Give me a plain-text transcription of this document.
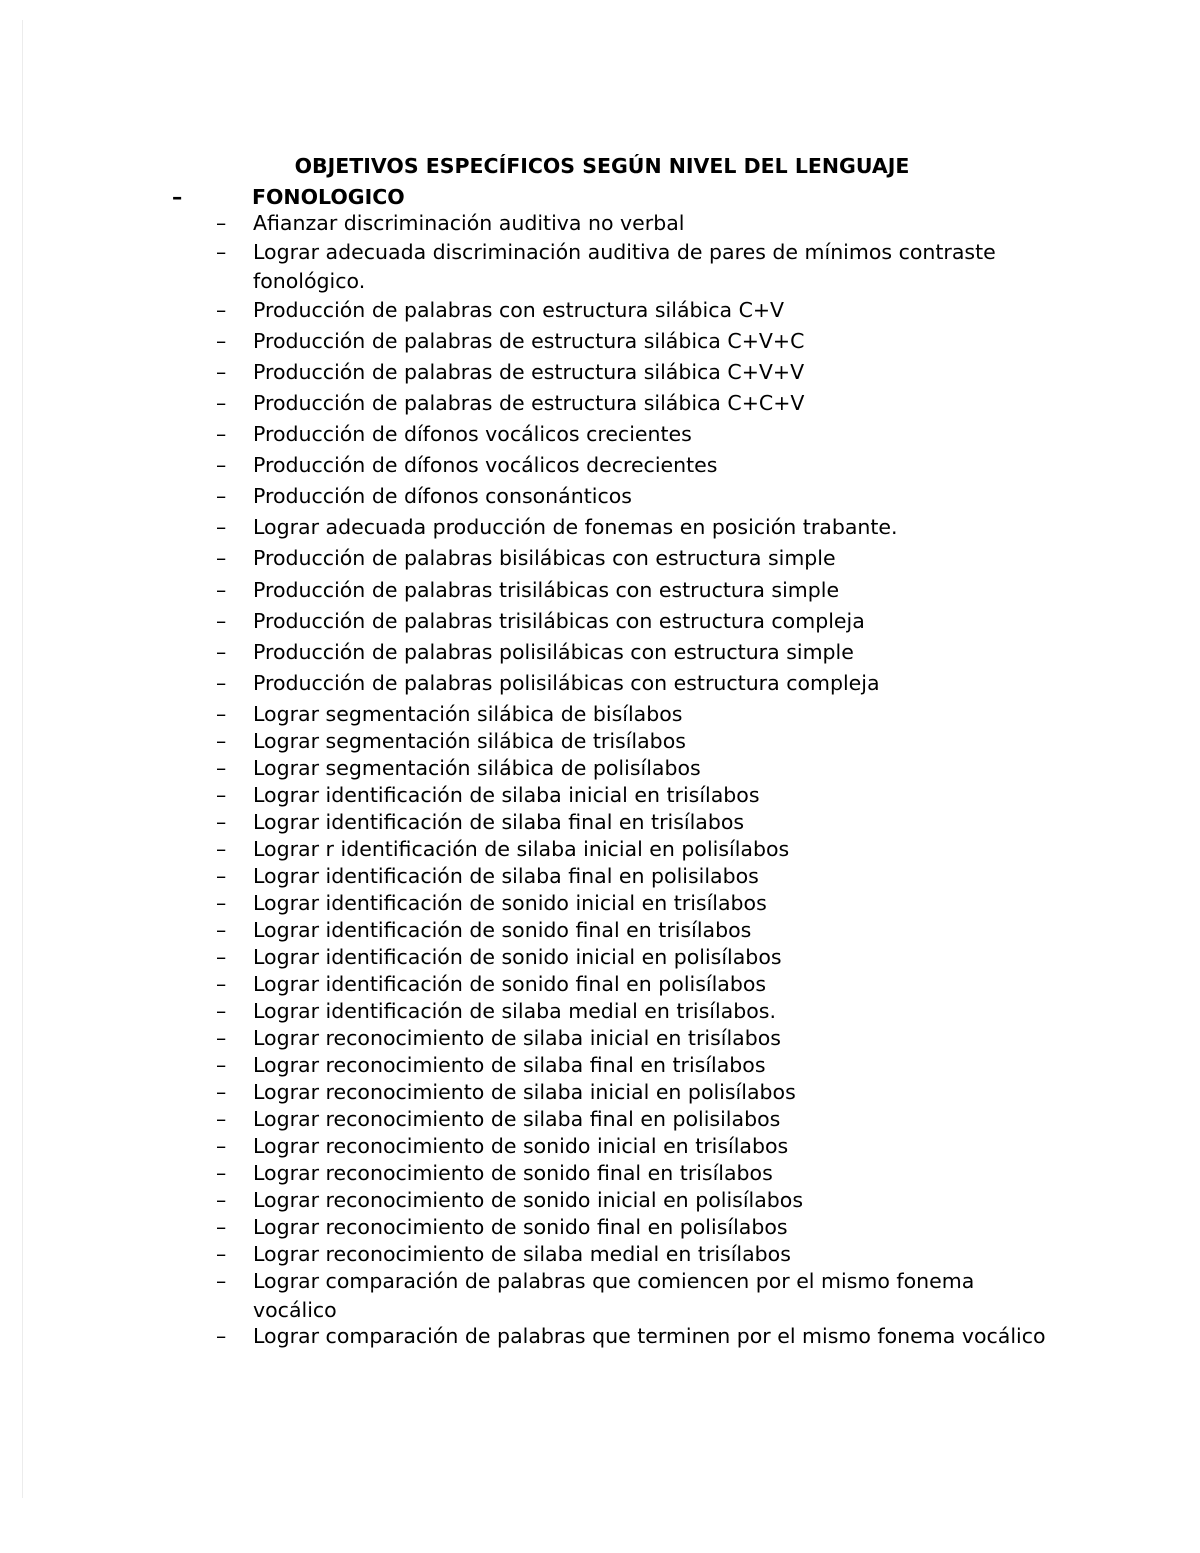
OBJETIVOS ESPECÍFICOS SEGÚN NIVEL DEL LENGUAJE
–	FONOLOGICO
– Afianzar discriminación auditiva no verbal
– Lograr adecuada discriminación auditiva de pares de mínimos contraste fonológico.
– Producción de palabras con estructura silábica C+V
– Producción de palabras de estructura silábica C+V+C
– Producción de palabras de estructura silábica C+V+V
– Producción de palabras de estructura silábica C+C+V
– Producción de dífonos vocálicos crecientes
– Producción de dífonos vocálicos decrecientes
– Producción de dífonos consonánticos
– Lograr adecuada producción de fonemas en posición trabante.
– Producción de palabras bisilábicas con estructura simple
– Producción de palabras trisilábicas con estructura simple
– Producción de palabras trisilábicas con estructura compleja
– Producción de palabras polisilábicas con estructura simple
– Producción de palabras polisilábicas con estructura compleja
– Lograr segmentación silábica de bisílabos
– Lograr segmentación silábica de trisílabos
– Lograr segmentación silábica de polisílabos
– Lograr identificación de silaba inicial en trisílabos
– Lograr identificación de silaba final en trisílabos
– Lograr r identificación de silaba inicial en polisílabos
– Lograr identificación de silaba final en polisilabos
– Lograr identificación de sonido inicial en trisílabos
– Lograr identificación de sonido final en trisílabos
– Lograr identificación de sonido inicial en polisílabos
– Lograr identificación de sonido final en polisílabos
– Lograr identificación de silaba medial en trisílabos.
– Lograr reconocimiento de silaba inicial en trisílabos
– Lograr reconocimiento de silaba final en trisílabos
– Lograr reconocimiento de silaba inicial en polisílabos
– Lograr reconocimiento de silaba final en polisilabos
– Lograr reconocimiento de sonido inicial en trisílabos
– Lograr reconocimiento de sonido final en trisílabos
– Lograr reconocimiento de sonido inicial en polisílabos
– Lograr reconocimiento de sonido final en polisílabos
– Lograr reconocimiento de silaba medial en trisílabos
– Lograr comparación de palabras que comiencen por el mismo fonema vocálico
– Lograr comparación de palabras que terminen por el mismo fonema vocálico
